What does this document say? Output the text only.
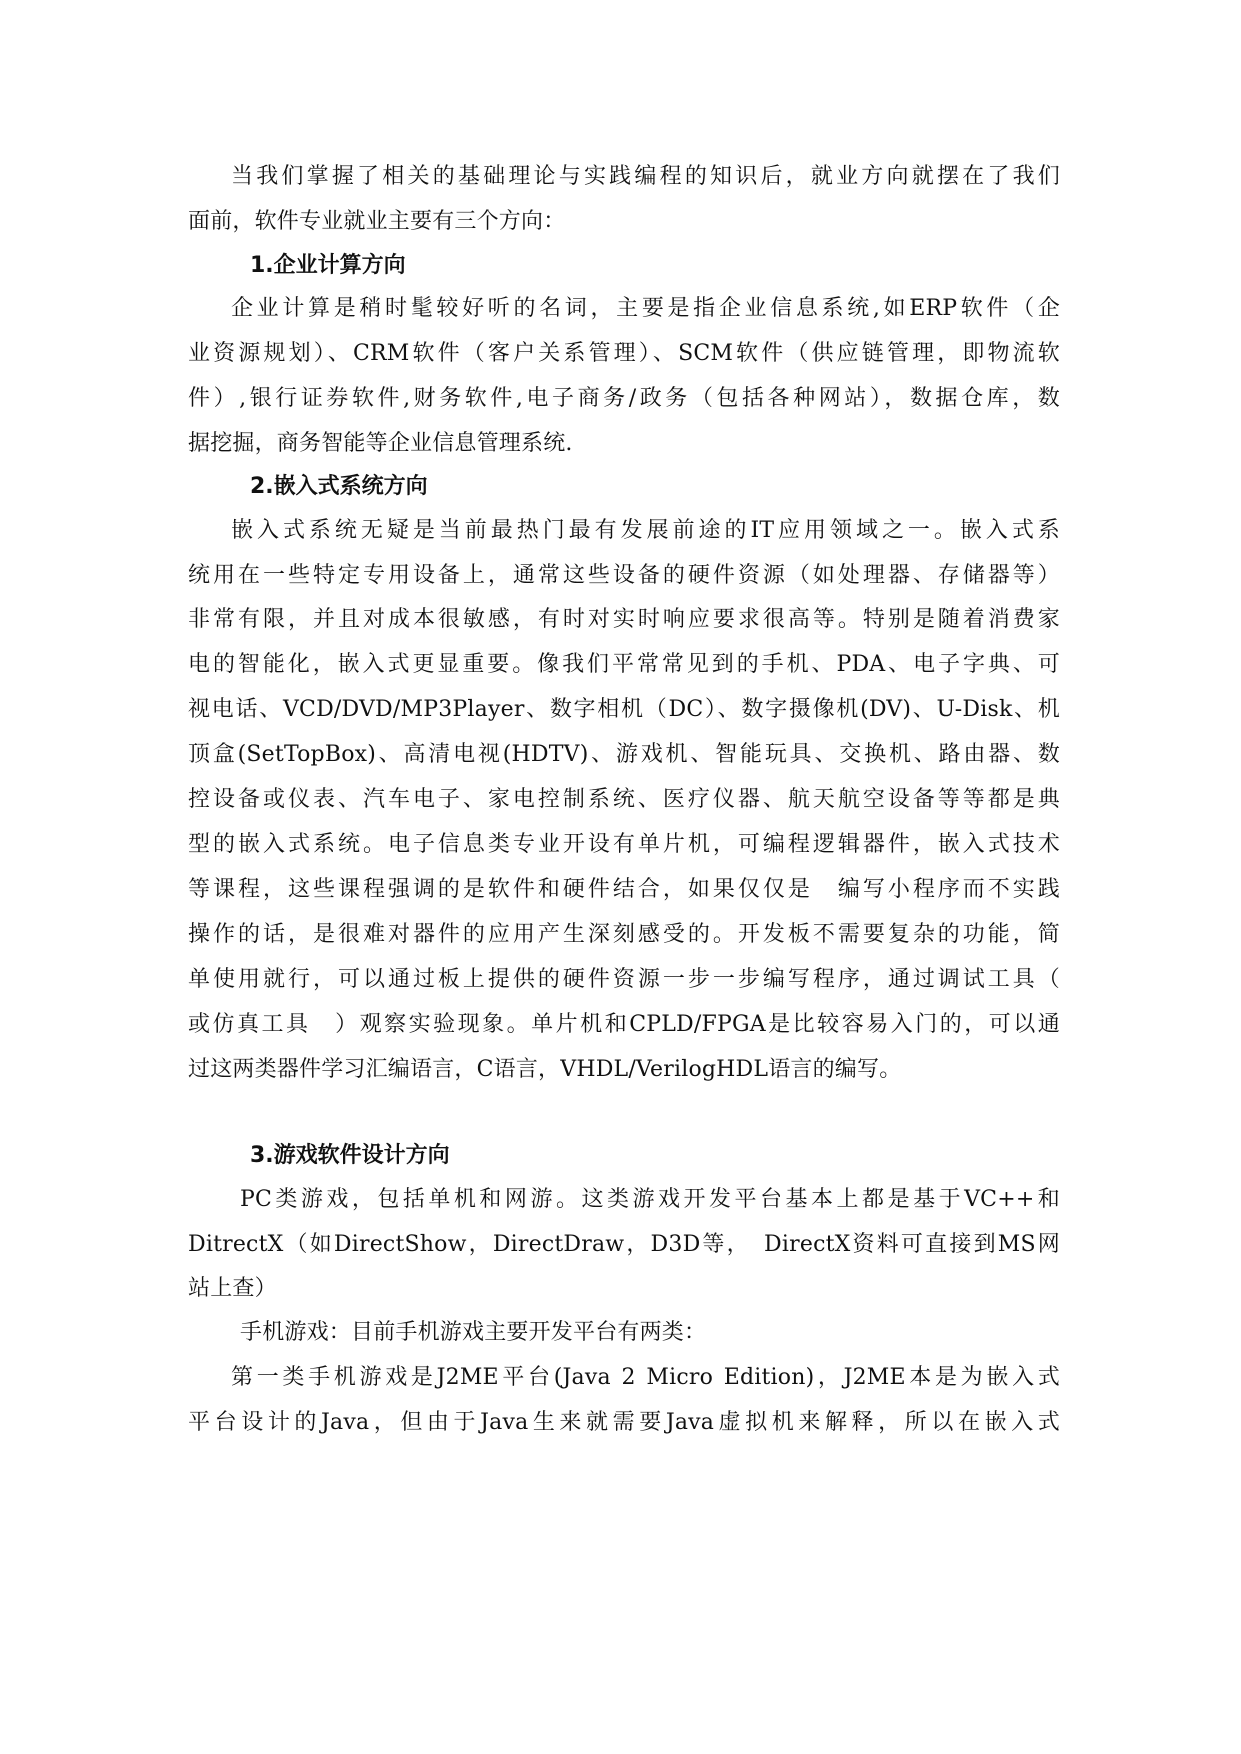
当我们掌握了相关的基础理论与实践编程的知识后，就业方向就摆在了我们
面前，软件专业就业主要有三个方向：
1.企业计算方向
企业计算是稍时髦较好听的名词，主要是指企业信息系统,如ERP软件（企
业资源规划）、CRM软件（客户关系管理）、SCM软件（供应链管理，即物流软
件）,银行证券软件,财务软件,电子商务/政务（包括各种网站），数据仓库，数
据挖掘，商务智能等企业信息管理系统.
2.嵌入式系统方向
嵌入式系统无疑是当前最热门最有发展前途的IT应用领域之一。嵌入式系
统用在一些特定专用设备上，通常这些设备的硬件资源（如处理器、存储器等）
非常有限，并且对成本很敏感，有时对实时响应要求很高等。特别是随着消费家
电的智能化，嵌入式更显重要。像我们平常常见到的手机、PDA、电子字典、可
视电话、VCD/DVD/MP3Player、数字相机（DC）、数字摄像机(DV)、U-Disk、机
顶盒(SetTopBox)、高清电视(HDTV)、游戏机、智能玩具、交换机、路由器、数
控设备或仪表、汽车电子、家电控制系统、医疗仪器、航天航空设备等等都是典
型的嵌入式系统。电子信息类专业开设有单片机，可编程逻辑器件，嵌入式技术
等课程，这些课程强调的是软件和硬件结合，如果仅仅是　编写小程序而不实践
操作的话，是很难对器件的应用产生深刻感受的。开发板不需要复杂的功能，简
单使用就行，可以通过板上提供的硬件资源一步一步编写程序，通过调试工具（
或仿真工具　）观察实验现象。单片机和CPLD/FPGA是比较容易入门的，可以通
过这两类器件学习汇编语言，C语言，VHDL/VerilogHDL语言的编写。
3.游戏软件设计方向
PC类游戏，包括单机和网游。这类游戏开发平台基本上都是基于VC++和
DitrectX（如DirectShow，DirectDraw，D3D等，　DirectX资料可直接到MS网
站上查）
手机游戏：目前手机游戏主要开发平台有两类：
第一类手机游戏是J2ME平台(Java 2 Micro Edition)，J2ME本是为嵌入式
平台设计的Java，但由于Java生来就需要Java虚拟机来解释，所以在嵌入式
